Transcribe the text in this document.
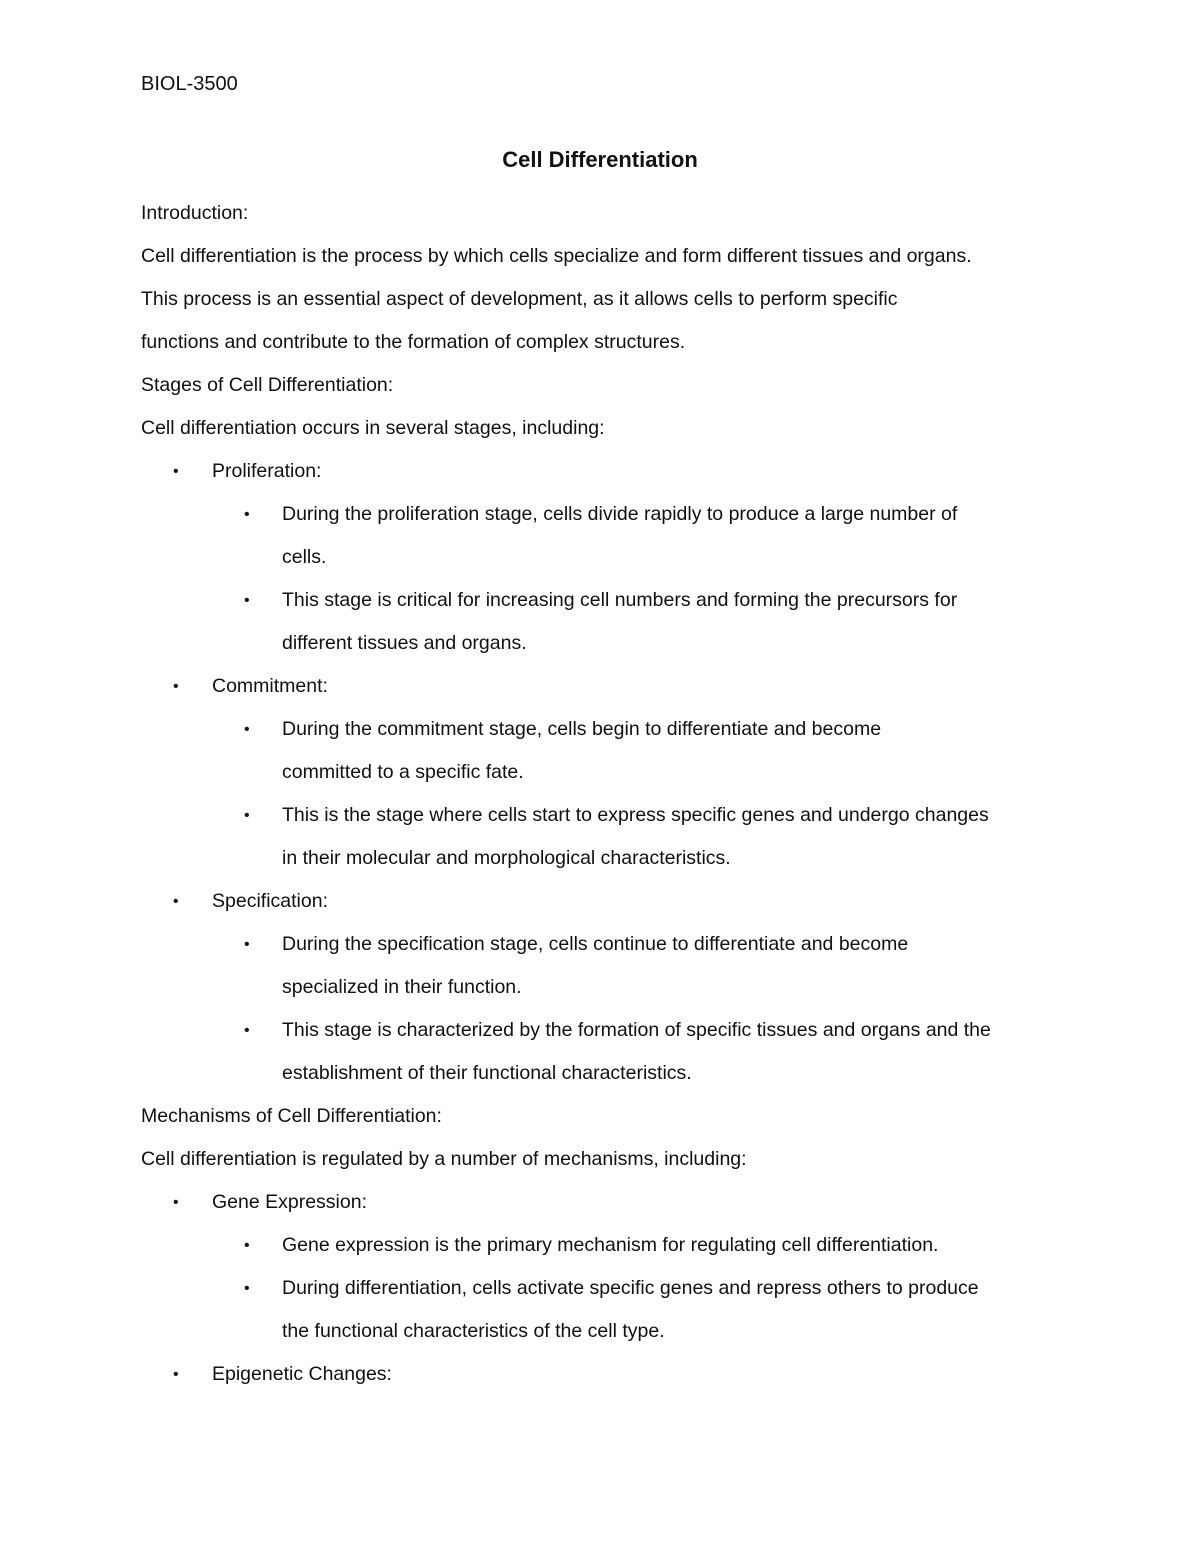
BIOL-3500
Cell Differentiation
Introduction:
Cell differentiation is the process by which cells specialize and form different tissues and organs.
This process is an essential aspect of development, as it allows cells to perform specific
functions and contribute to the formation of complex structures.
Stages of Cell Differentiation:
Cell differentiation occurs in several stages, including:
• Proliferation:
• During the proliferation stage, cells divide rapidly to produce a large number of
cells.
• This stage is critical for increasing cell numbers and forming the precursors for
different tissues and organs.
• Commitment:
• During the commitment stage, cells begin to differentiate and become
committed to a specific fate.
• This is the stage where cells start to express specific genes and undergo changes
in their molecular and morphological characteristics.
• Specification:
• During the specification stage, cells continue to differentiate and become
specialized in their function.
• This stage is characterized by the formation of specific tissues and organs and the
establishment of their functional characteristics.
Mechanisms of Cell Differentiation:
Cell differentiation is regulated by a number of mechanisms, including:
• Gene Expression:
• Gene expression is the primary mechanism for regulating cell differentiation.
• During differentiation, cells activate specific genes and repress others to produce
the functional characteristics of the cell type.
• Epigenetic Changes:
